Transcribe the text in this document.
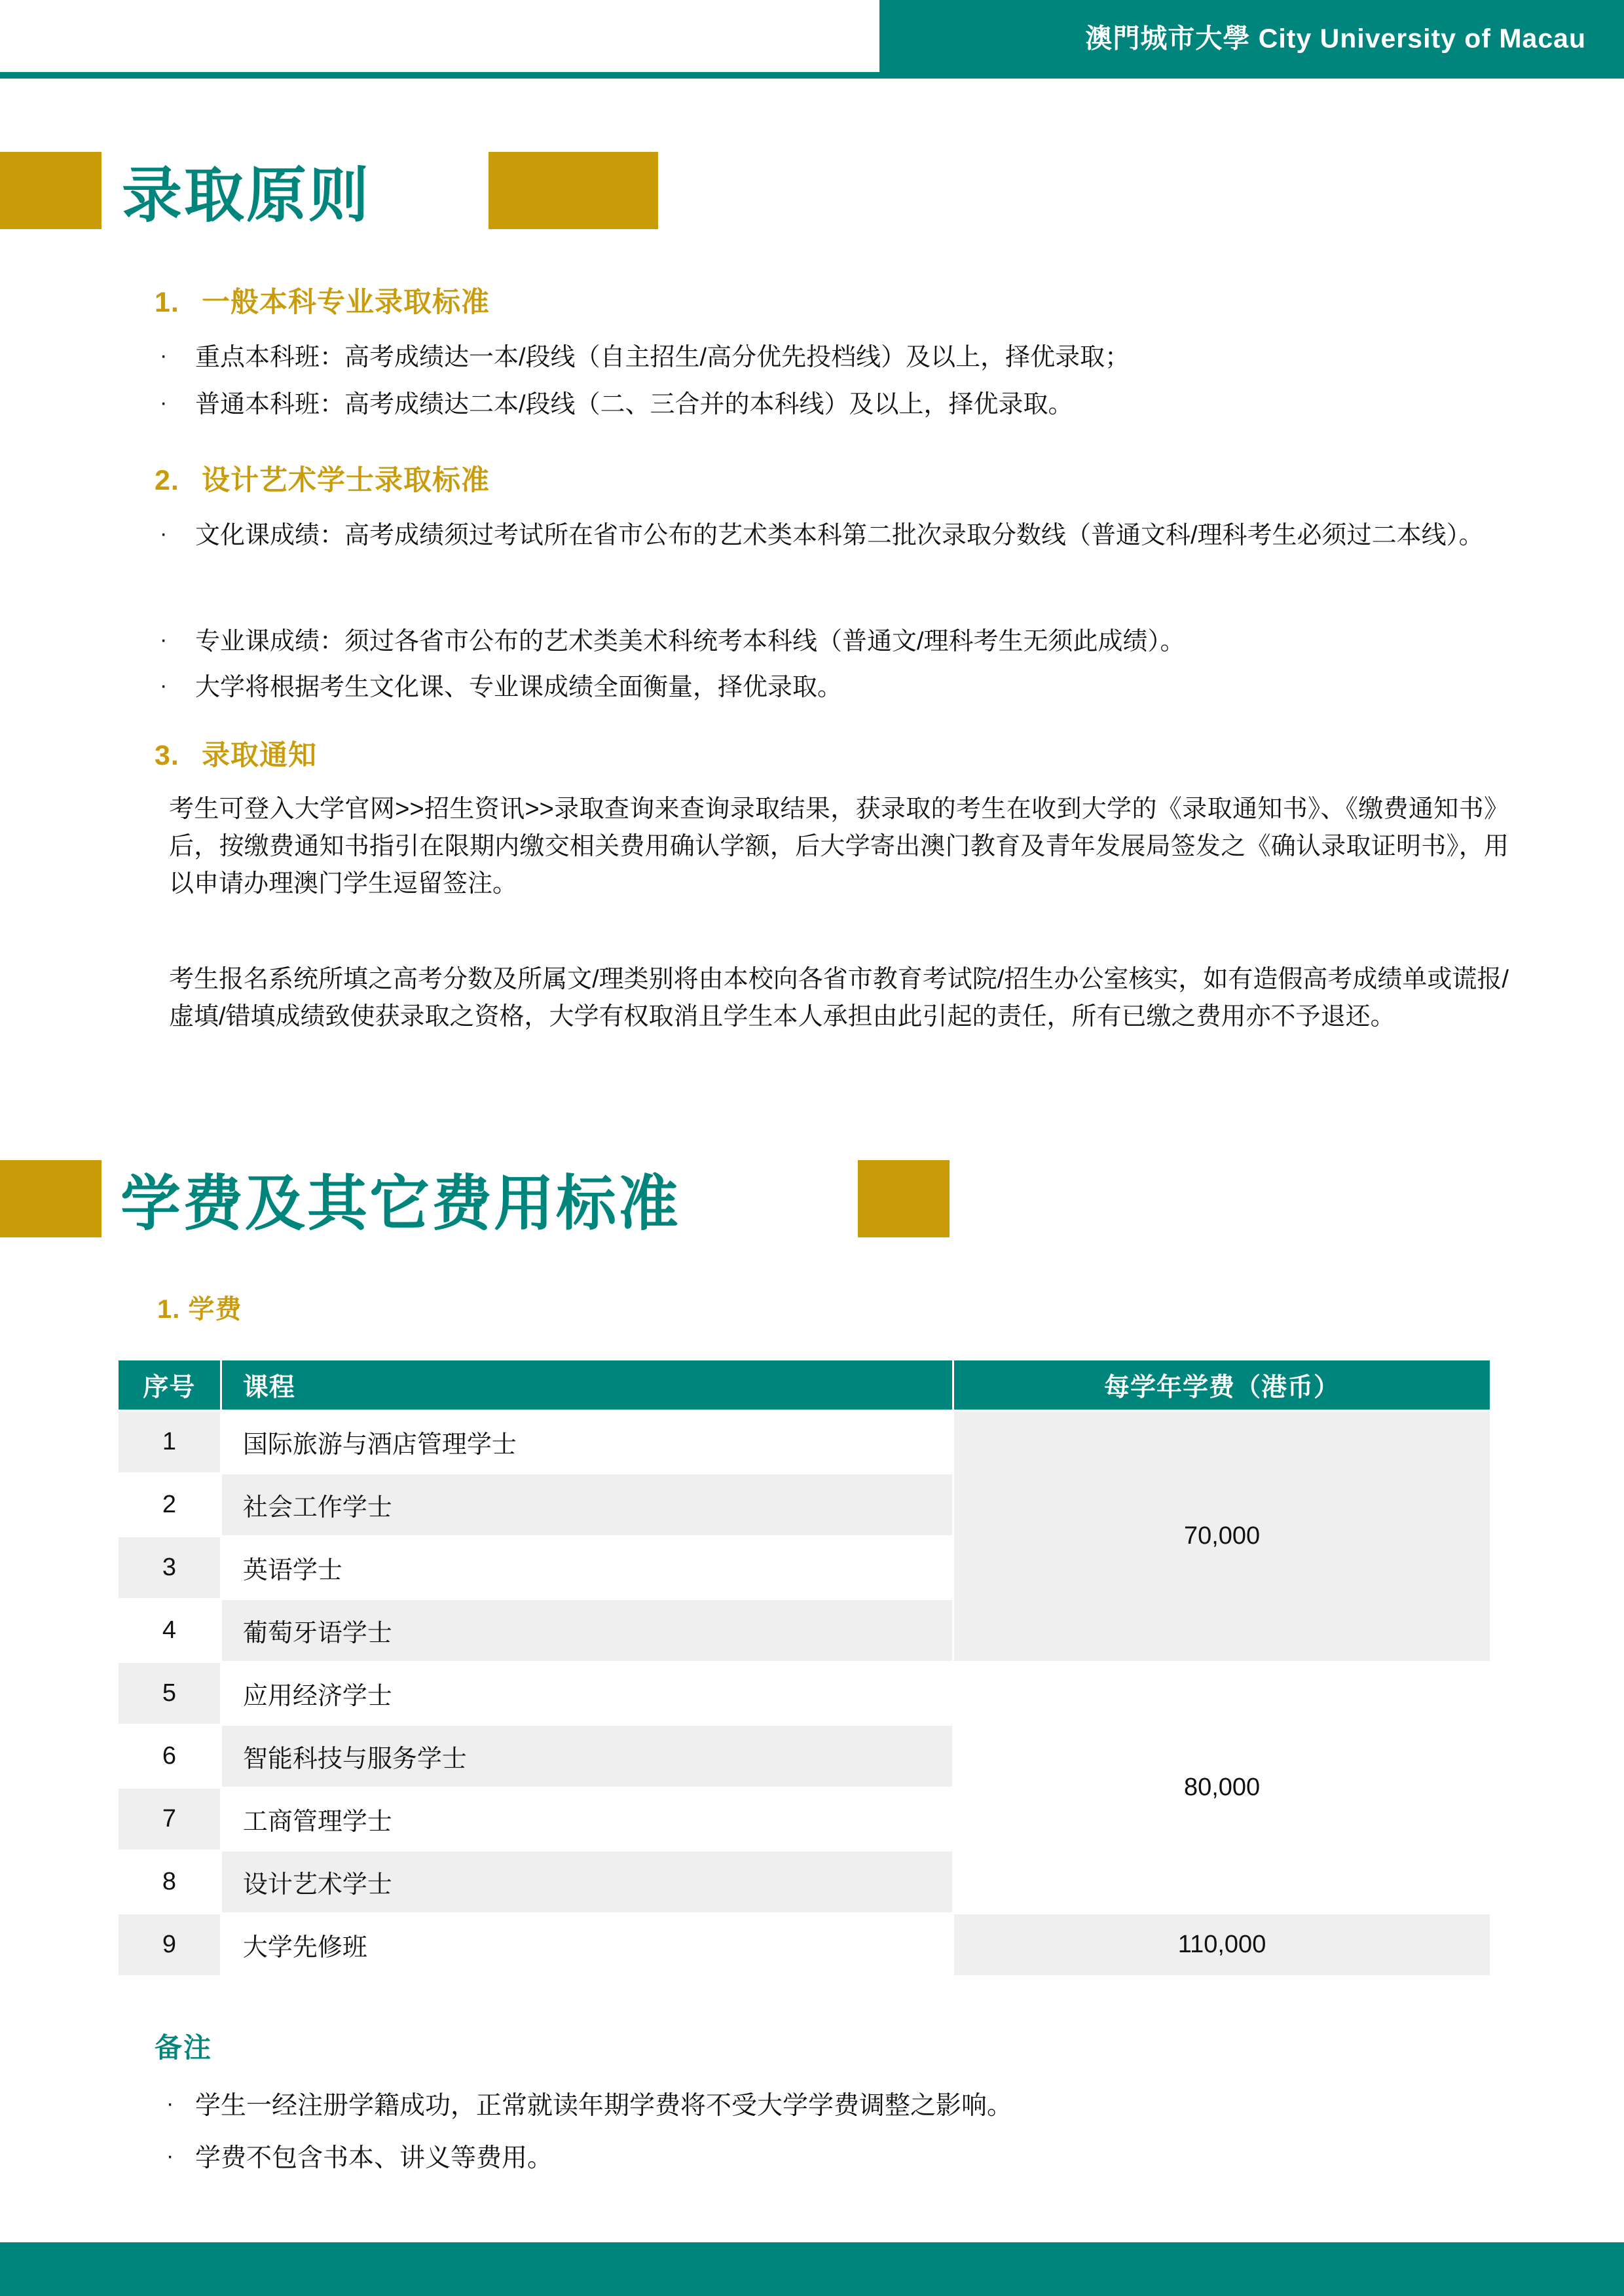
澳門城市大學 City University of Macau
录取原则
1. 一般本科专业录取标准
·	重点本科班：高考成绩达一本/段线（自主招生/高分优先投档线）及以上，择优录取；
·	普通本科班：高考成绩达二本/段线（二、三合并的本科线）及以上，择优录取。
2. 设计艺术学士录取标准
·	文化课成绩：高考成绩须过考试所在省市公布的艺术类本科第二批次录取分数线（普通文科/理科考生必须过二本线）。
·	专业课成绩：须过各省市公布的艺术类美术科统考本科线（普通文/理科考生无须此成绩）。
·	大学将根据考生文化课、专业课成绩全面衡量，择优录取。
3. 录取通知
考生可登入大学官网>>招生资讯>>录取查询来查询录取结果，获录取的考生在收到大学的《录取通知书》、《缴费通知书》后，按缴费通知书指引在限期内缴交相关费用确认学额，后大学寄出澳门教育及青年发展局签发之《确认录取证明书》，用以申请办理澳门学生逗留签注。
考生报名系统所填之高考分数及所属文/理类别将由本校向各省市教育考试院/招生办公室核实，如有造假高考成绩单或谎报/虚填/错填成绩致使获录取之资格，大学有权取消且学生本人承担由此引起的责任，所有已缴之费用亦不予退还。
学费及其它费用标准
1. 学费
序号	课程	每学年学费（港币）
1	国际旅游与酒店管理学士	70,000
2	社会工作学士	
3	英语学士	
4	葡萄牙语学士	
5	应用经济学士	80,000
6	智能科技与服务学士	
7	工商管理学士	
8	设计艺术学士	
9	大学先修班	110,000
备注
· 学生一经注册学籍成功，正常就读年期学费将不受大学学费调整之影响。
· 学费不包含书本、讲义等费用。
